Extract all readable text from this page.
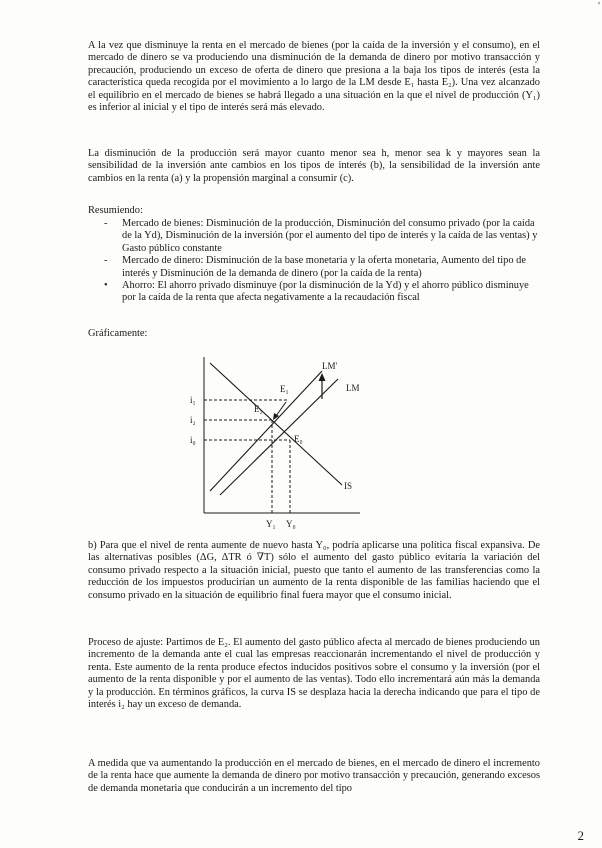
'

A la vez que disminuye la renta en el mercado de bienes (por la caída de la inversión y el consumo), en el mercado de dinero se va produciendo una disminución de la demanda de dinero por motivo transacción y precaución, produciendo un exceso de oferta de dinero que presiona a la baja los tipos de interés (esta la característica queda recogida por el movimiento a lo largo de la LM desde E₁ hasta E₂). Una vez alcanzado el equilibrio en el mercado de bienes se habrá llegado a una situación en la que el nivel de producción (Y₁) es inferior al inicial y el tipo de interés será más elevado.

La disminución de la producción será mayor cuanto menor sea h, menor sea k y mayores sean la sensibilidad de la inversión ante cambios en los tipos de interés (b), la sensibilidad de la inversión ante cambios en la renta (a) y la propensión marginal a consumir (c).

Resumiendo:
- Mercado de bienes: Disminución de la producción, Disminución del consumo privado (por la caída de la Yd), Disminución de la inversión (por el aumento del tipo de interés y la caída de las ventas) y Gasto público constante
- Mercado de dinero: Disminución de la base monetaria y la oferta monetaria, Aumento del tipo de interés y Disminución de la demanda de dinero (por la caída de la renta)
• Ahorro: El ahorro privado disminuye (por la disminución de la Yd) y el ahorro público disminuye por la caída de la renta que afecta negativamente a la recaudación fiscal

Gráficamente:

LM'
LM
IS
E₁
E₂
E₀
i₁
i₂
i₀
Y₁ Y₀

b) Para que el nivel de renta aumente de nuevo hasta Y₀, podría aplicarse una política fiscal expansiva. De las alternativas posibles (ΔG, ΔTR ó ∇T) sólo el aumento del gasto público evitaría la variación del consumo privado respecto a la situación inicial, puesto que tanto el aumento de las transferencias como la reducción de los impuestos producirían un aumento de la renta disponible de las familias haciendo que el consumo privado en la situación de equilibrio final fuera mayor que el consumo inicial.

Proceso de ajuste: Partimos de E₂. El aumento del gasto público afecta al mercado de bienes produciendo un incremento de la demanda ante el cual las empresas reaccionarán incrementando el nivel de producción y renta. Este aumento de la renta produce efectos inducidos positivos sobre el consumo y la inversión (por el aumento de la renta disponible y por el aumento de las ventas). Todo ello incrementará aún más la demanda y la producción. En términos gráficos, la curva IS se desplaza hacia la derecha indicando que para el tipo de interés i₂ hay un exceso de demanda.

A medida que va aumentando la producción en el mercado de bienes, en el mercado de dinero el incremento de la renta hace que aumente la demanda de dinero por motivo transacción y precaución, generando excesos de demanda monetaria que conducirán a un incremento del tipo

2
